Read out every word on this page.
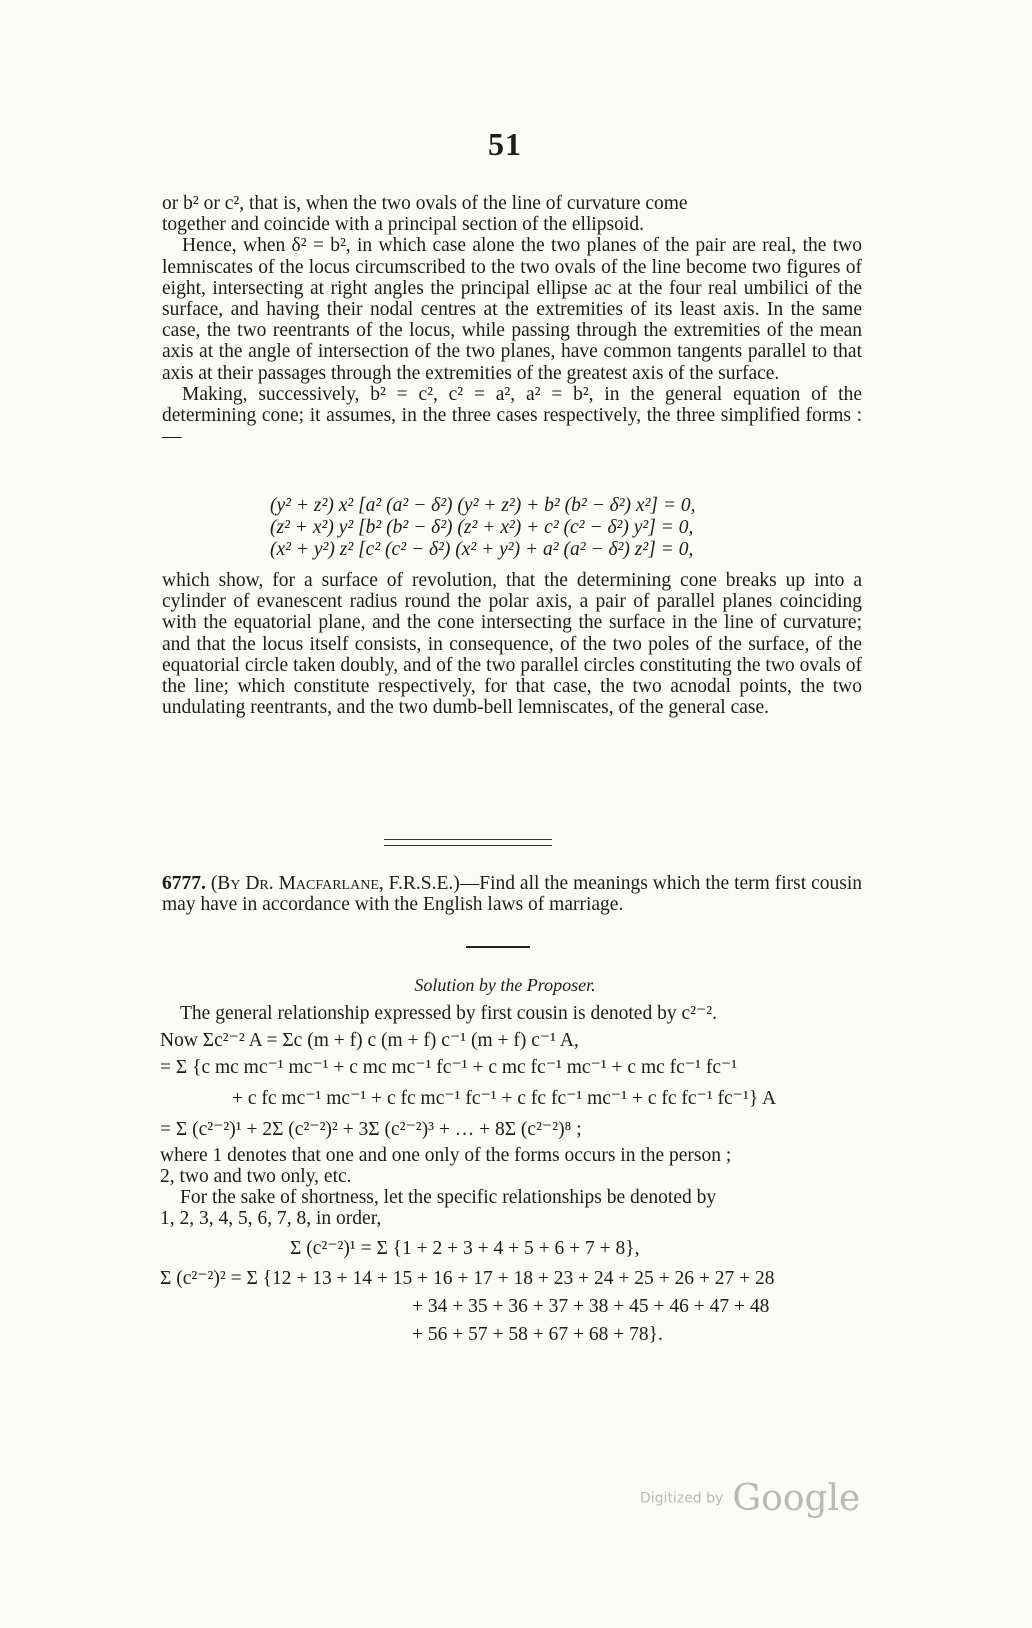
51

or b² or c², that is, when the two ovals of the line of curvature come

together and coincide with a principal section of the ellipsoid.

Hence, when δ² = b², in which case alone the two planes of the pair are real, the two lemniscates of the locus circumscribed to the two ovals of the line become two figures of eight, intersecting at right angles the principal ellipse ac at the four real umbilici of the surface, and having their nodal centres at the extremities of its least axis. In the same case, the two reentrants of the locus, while passing through the extremities of the mean axis at the angle of intersection of the two planes, have common tangents parallel to that axis at their passages through the extremities of the greatest axis of the surface.

Making, successively, b² = c², c² = a², a² = b², in the general equation of the determining cone; it assumes, in the three cases respectively, the three simplified forms :—

(y² + z²) x² [a² (a² − δ²) (y² + z²) + b² (b² − δ²) x²] = 0,
(z² + x²) y² [b² (b² − δ²) (z² + x²) + c² (c² − δ²) y²] = 0,
(x² + y²) z² [c² (c² − δ²) (x² + y²) + a² (a² − δ²) z²] = 0,

which show, for a surface of revolution, that the determining cone breaks up into a cylinder of evanescent radius round the polar axis, a pair of parallel planes coinciding with the equatorial plane, and the cone intersecting the surface in the line of curvature; and that the locus itself consists, in consequence, of the two poles of the surface, of the equatorial circle taken doubly, and of the two parallel circles constituting the two ovals of the line; which constitute respectively, for that case, the two acnodal points, the two undulating reentrants, and the two dumb-bell lemniscates, of the general case.

6777. (By Dr. Macfarlane, F.R.S.E.)—Find all the meanings which the term first cousin may have in accordance with the English laws of marriage.
Solution by the Proposer.
The general relationship expressed by first cousin is denoted by c²⁻².
Now Σc²⁻² A = Σc (m + f) c (m + f) c⁻¹ (m + f) c⁻¹ A,
= Σ {c mc mc⁻¹ mc⁻¹ + c mc mc⁻¹ fc⁻¹ + c mc fc⁻¹ mc⁻¹ + c mc fc⁻¹ fc⁻¹
+ c fc mc⁻¹ mc⁻¹ + c fc mc⁻¹ fc⁻¹ + c fc fc⁻¹ mc⁻¹ + c fc fc⁻¹ fc⁻¹} A
= Σ (c²⁻²)¹ + 2Σ (c²⁻²)² + 3Σ (c²⁻²)³ + … + 8Σ (c²⁻²)⁸ ;
where 1 denotes that one and one only of the forms occurs in the person ;
2, two and two only, etc.
For the sake of shortness, let the specific relationships be denoted by
1, 2, 3, 4, 5, 6, 7, 8, in order,
Σ (c²⁻²)¹ = Σ {1 + 2 + 3 + 4 + 5 + 6 + 7 + 8},
Σ (c²⁻²)² = Σ {12 + 13 + 14 + 15 + 16 + 17 + 18 + 23 + 24 + 25 + 26 + 27 + 28
+ 34 + 35 + 36 + 37 + 38 + 45 + 46 + 47 + 48
+ 56 + 57 + 58 + 67 + 68 + 78}.
Digitized by Google
